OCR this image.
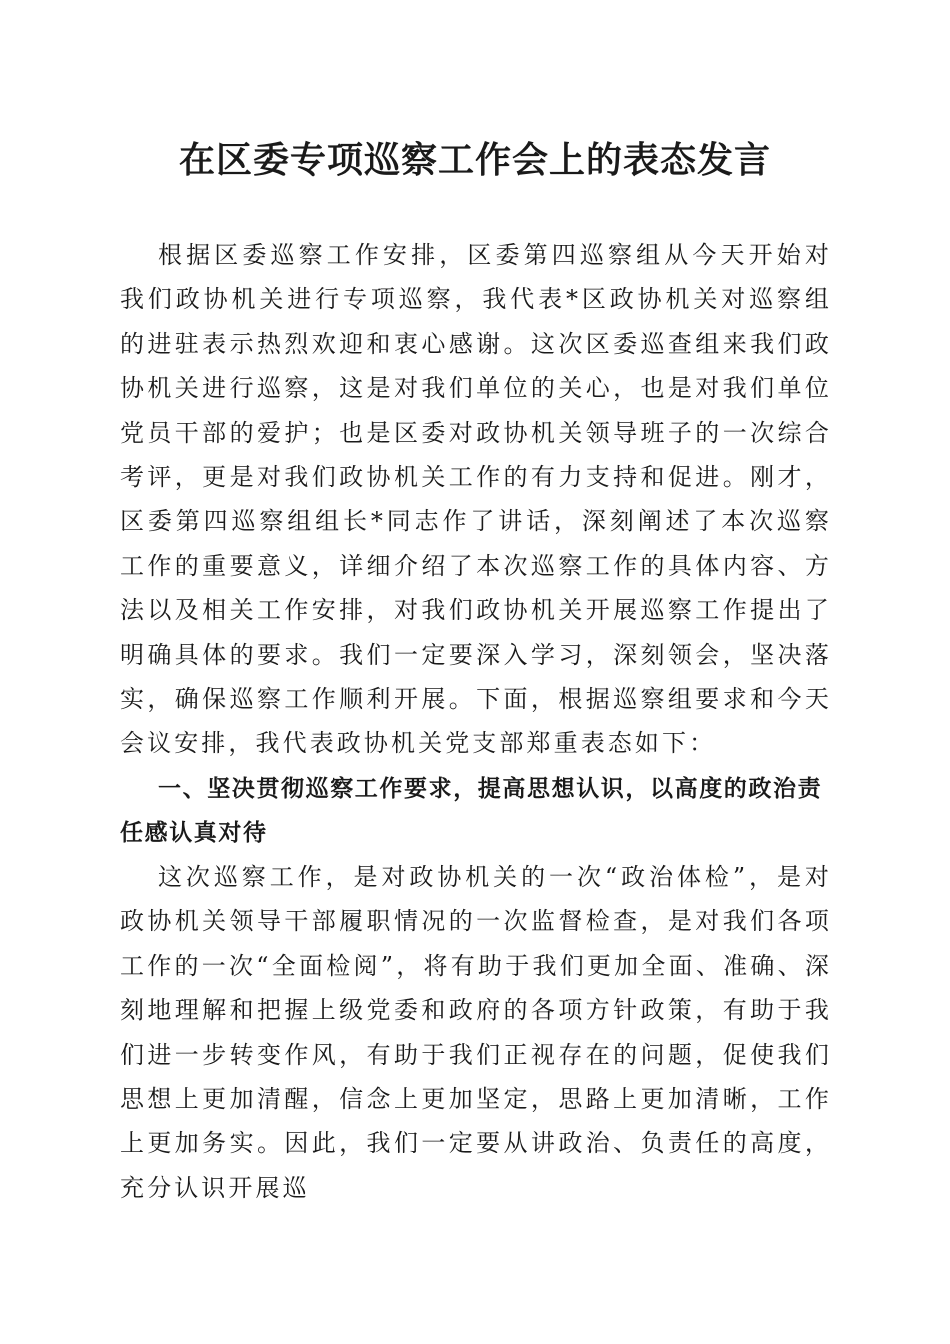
在区委专项巡察工作会上的表态发言

根据区委巡察工作安排，区委第四巡察组从今天开始对我们政协机关进行专项巡察，我代表*区政协机关对巡察组的进驻表示热烈欢迎和衷心感谢。这次区委巡查组来我们政协机关进行巡察，这是对我们单位的关心，也是对我们单位党员干部的爱护；也是区委对政协机关领导班子的一次综合考评，更是对我们政协机关工作的有力支持和促进。刚才，区委第四巡察组组长*同志作了讲话，深刻阐述了本次巡察工作的重要意义，详细介绍了本次巡察工作的具体内容、方法以及相关工作安排，对我们政协机关开展巡察工作提出了明确具体的要求。我们一定要深入学习，深刻领会，坚决落实，确保巡察工作顺利开展。下面，根据巡察组要求和今天会议安排，我代表政协机关党支部郑重表态如下：

一、坚决贯彻巡察工作要求，提高思想认识，以高度的政治责任感认真对待

这次巡察工作，是对政协机关的一次“政治体检”，是对政协机关领导干部履职情况的一次监督检查，是对我们各项工作的一次“全面检阅”，将有助于我们更加全面、准确、深刻地理解和把握上级党委和政府的各项方针政策，有助于我们进一步转变作风，有助于我们正视存在的问题，促使我们思想上更加清醒，信念上更加坚定，思路上更加清晰，工作上更加务实。因此，我们一定要从讲政治、负责任的高度，充分认识开展巡
